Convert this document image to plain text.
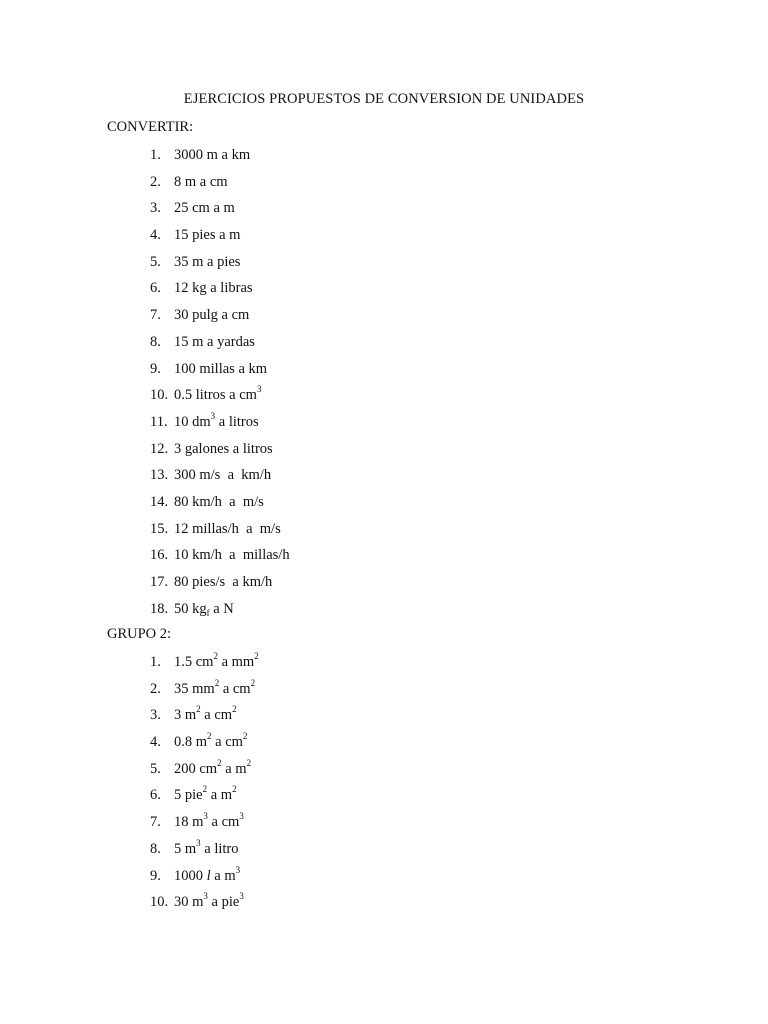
EJERCICIOS PROPUESTOS DE CONVERSION DE UNIDADES
CONVERTIR:
1. 3000 m a km
2. 8 m a cm
3. 25 cm a m
4. 15 pies a m
5. 35 m a pies
6. 12 kg a libras
7. 30 pulg a cm
8. 15 m a yardas
9. 100 millas a km
10. 0.5 litros a $cm^3$
11. 10 $dm^3$ a litros
12. 3 galones a litros
13. 300 m/s  a  km/h
14. 80 km/h  a  m/s
15. 12 millas/h  a  m/s
16. 10 km/h  a  millas/h
17. 80 pies/s  a km/h
18. 50 $kg_f$ a N
GRUPO 2:
1. 1.5 $cm^2$ a $mm^2$
2. 35 $mm^2$ a $cm^2$
3. 3 $m^2$ a $cm^2$
4. 0.8 $m^2$ a $cm^2$
5. 200 $cm^2$ a $m^2$
6. 5 pie$^2$ a $m^2$
7. 18 $m^3$ a $cm^3$
8. 5 $m^3$ a litro
9. 1000 l a $m^3$
10. 30 $m^3$ a pie$^3$
